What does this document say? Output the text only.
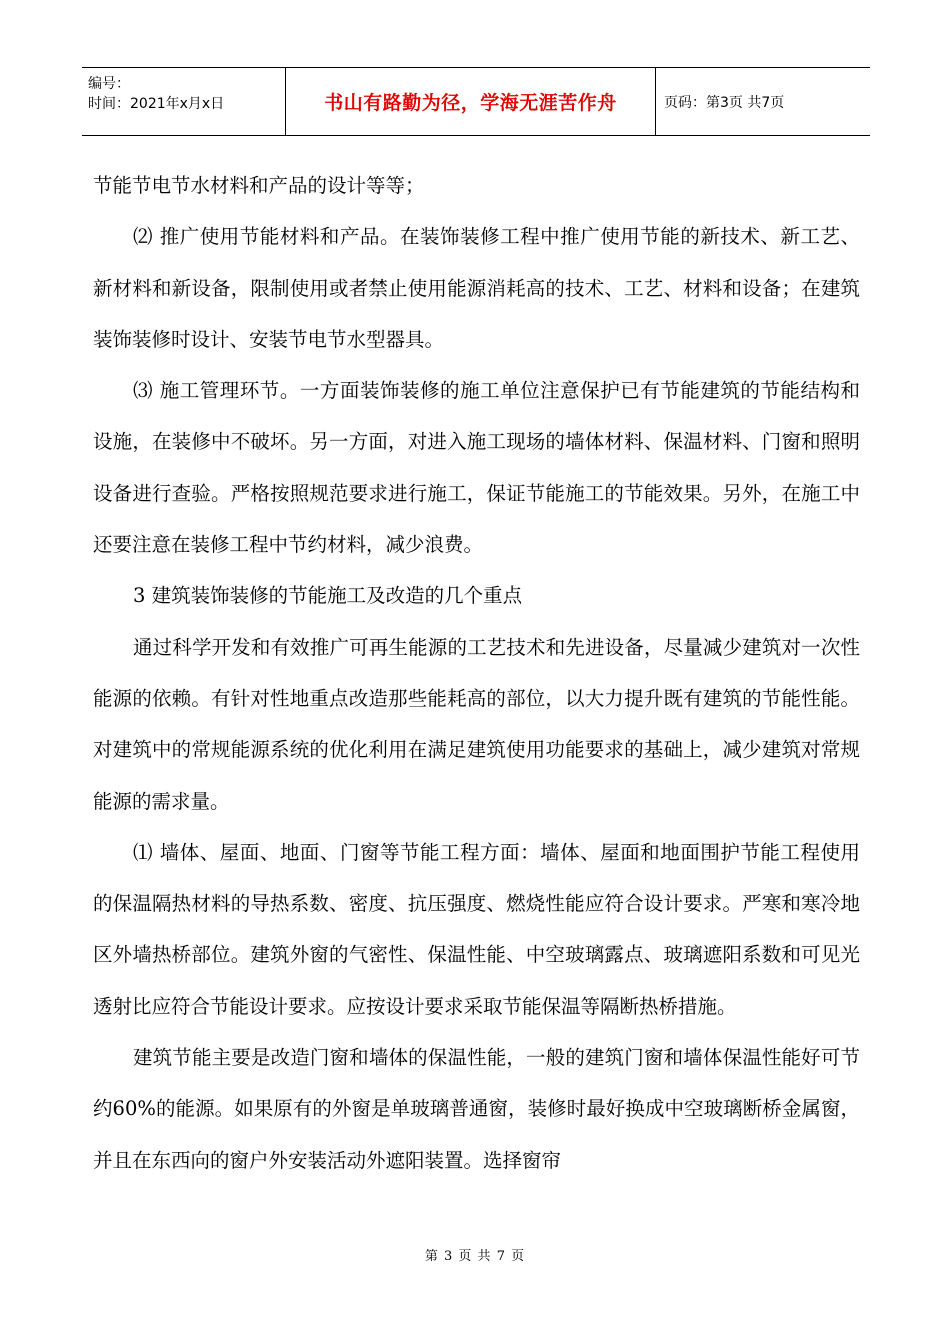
编号：
时间：2021年x月x日	书山有路勤为径，学海无涯苦作舟	页码：第3页 共7页

节能节电节水材料和产品的设计等等；

⑵ 推广使用节能材料和产品。在装饰装修工程中推广使用节能的新技术、新工艺、新材料和新设备，限制使用或者禁止使用能源消耗高的技术、工艺、材料和设备；在建筑装饰装修时设计、安装节电节水型器具。

⑶ 施工管理环节。一方面装饰装修的施工单位注意保护已有节能建筑的节能结构和设施，在装修中不破坏。另一方面，对进入施工现场的墙体材料、保温材料、门窗和照明设备进行查验。严格按照规范要求进行施工，保证节能施工的节能效果。另外，在施工中还要注意在装修工程中节约材料，减少浪费。

3 建筑装饰装修的节能施工及改造的几个重点

通过科学开发和有效推广可再生能源的工艺技术和先进设备，尽量减少建筑对一次性能源的依赖。有针对性地重点改造那些能耗高的部位，以大力提升既有建筑的节能性能。对建筑中的常规能源系统的优化利用在满足建筑使用功能要求的基础上，减少建筑对常规能源的需求量。

⑴ 墙体、屋面、地面、门窗等节能工程方面：墙体、屋面和地面围护节能工程使用的保温隔热材料的导热系数、密度、抗压强度、燃烧性能应符合设计要求。严寒和寒冷地区外墙热桥部位。建筑外窗的气密性、保温性能、中空玻璃露点、玻璃遮阳系数和可见光透射比应符合节能设计要求。应按设计要求采取节能保温等隔断热桥措施。

建筑节能主要是改造门窗和墙体的保温性能，一般的建筑门窗和墙体保温性能好可节约60%的能源。如果原有的外窗是单玻璃普通窗，装修时最好换成中空玻璃断桥金属窗，并且在东西向的窗户外安装活动外遮阳装置。选择窗帘

第 3 页 共 7 页
